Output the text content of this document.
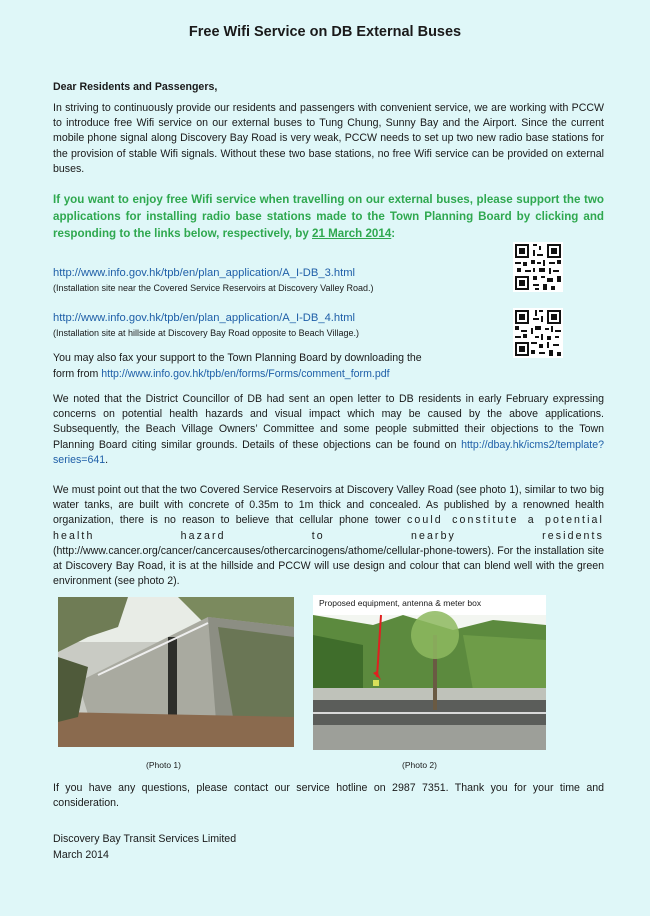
Free Wifi Service on DB External Buses
Dear Residents and Passengers,
In striving to continuously provide our residents and passengers with convenient service, we are working with PCCW to introduce free Wifi service on our external buses to Tung Chung, Sunny Bay and the Airport. Since the current mobile phone signal along Discovery Bay Road is very weak, PCCW needs to set up two new radio base stations for the provision of stable Wifi signals. Without these two base stations, no free Wifi service can be provided on external buses.
If you want to enjoy free Wifi service when travelling on our external buses, please support the two applications for installing radio base stations made to the Town Planning Board by clicking and responding to the links below, respectively, by 21 March 2014:
http://www.info.gov.hk/tpb/en/plan_application/A_I-DB_3.html
(Installation site near the Covered Service Reservoirs at Discovery Valley Road.)
http://www.info.gov.hk/tpb/en/plan_application/A_I-DB_4.html
(Installation site at hillside at Discovery Bay Road opposite to Beach Village.)
You may also fax your support to the Town Planning Board by downloading the
form from http://www.info.gov.hk/tpb/en/forms/Forms/comment_form.pdf
We noted that the District Councillor of DB had sent an open letter to DB residents in early February expressing concerns on potential health hazards and visual impact which may be caused by the above applications. Subsequently, the Beach Village Owners’ Committee and some people submitted their objections to the Town Planning Board citing similar grounds. Details of these objections can be found on http://dbay.hk/icms2/template?series=641.
We must point out that the two Covered Service Reservoirs at Discovery Valley Road (see photo 1), similar to two big water tanks, are built with concrete of 0.35m to 1m thick and concealed. As published by a renowned health organization, there is no reason to believe that cellular phone tower could constitute a potential health hazard to nearby residents (http://www.cancer.org/cancer/cancercauses/othercarcinogens/athome/cellular-phone-towers). For the installation site at Discovery Bay Road, it is at the hillside and PCCW will use design and colour that can blend well with the green environment (see photo 2).
Proposed equipment, antenna & meter box
(Photo 1)	(Photo 2)
If you have any questions, please contact our service hotline on 2987 7351. Thank you for your time and consideration.
Discovery Bay Transit Services Limited
March 2014
